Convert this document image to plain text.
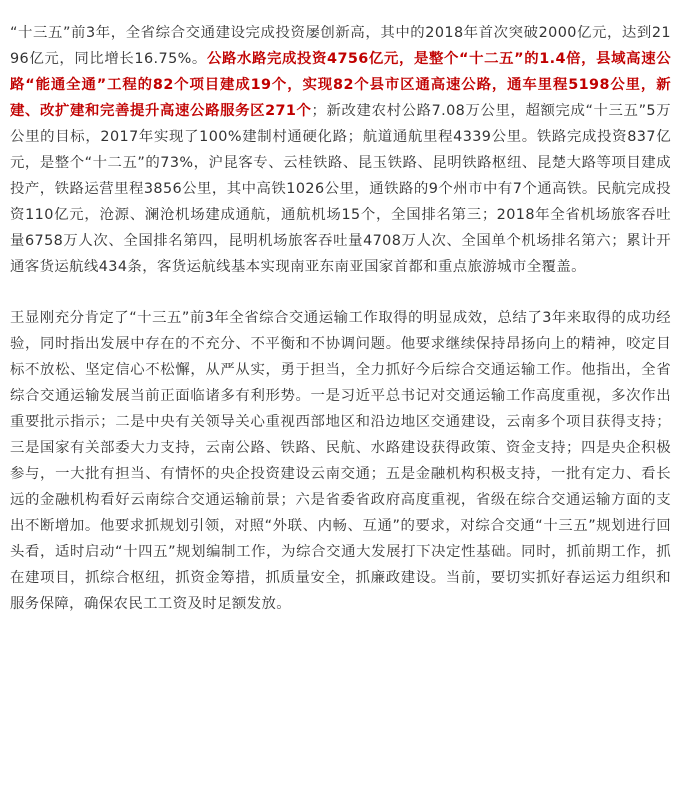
“十三五”前3年，全省综合交通建设完成投资屡创新高，其中的2018年首次突破2000亿元，达到2196亿元，同比增长16.75%。公路水路完成投资4756亿元，是整个“十二五”的1.4倍，县域高速公路“能通全通”工程的82个项目建成19个，实现82个县市区通高速公路，通车里程5198公里，新建、改扩建和完善提升高速公路服务区271个；新改建农村公路7.08万公里，超额完成“十三五”5万公里的目标，2017年实现了100%建制村通硬化路；航道通航里程4339公里。铁路完成投资837亿元，是整个“十二五”的73%，沪昆客专、云桂铁路、昆玉铁路、昆明铁路枢纽、昆楚大路等项目建成投产，铁路运营里程3856公里，其中高铁1026公里，通铁路的9个州市中有7个通高铁。民航完成投资110亿元，沧源、澜沧机场建成通航，通航机场15个，全国排名第三；2018年全省机场旅客吞吐量6758万人次、全国排名第四，昆明机场旅客吞吐量4708万人次、全国单个机场排名第六；累计开通客货运航线434条，客货运航线基本实现南亚东南亚国家首都和重点旅游城市全覆盖。

王显刚充分肯定了“十三五”前3年全省综合交通运输工作取得的明显成效，总结了3年来取得的成功经验，同时指出发展中存在的不充分、不平衡和不协调问题。他要求继续保持昂扬向上的精神，咬定目标不放松、坚定信心不松懈，从严从实，勇于担当，全力抓好今后综合交通运输工作。他指出，全省综合交通运输发展当前正面临诸多有利形势。一是习近平总书记对交通运输工作高度重视，多次作出重要批示指示；二是中央有关领导关心重视西部地区和沿边地区交通建设，云南多个项目获得支持；三是国家有关部委大力支持，云南公路、铁路、民航、水路建设获得政策、资金支持；四是央企积极参与，一大批有担当、有情怀的央企投资建设云南交通；五是金融机构积极支持，一批有定力、看长远的金融机构看好云南综合交通运输前景；六是省委省政府高度重视，省级在综合交通运输方面的支出不断增加。他要求抓规划引领，对照“外联、内畅、互通”的要求，对综合交通“十三五”规划进行回头看，适时启动“十四五”规划编制工作，为综合交通大发展打下决定性基础。同时，抓前期工作，抓在建项目，抓综合枢纽，抓资金筹措，抓质量安全，抓廉政建设。当前，要切实抓好春运运力组织和服务保障，确保农民工工资及时足额发放。
